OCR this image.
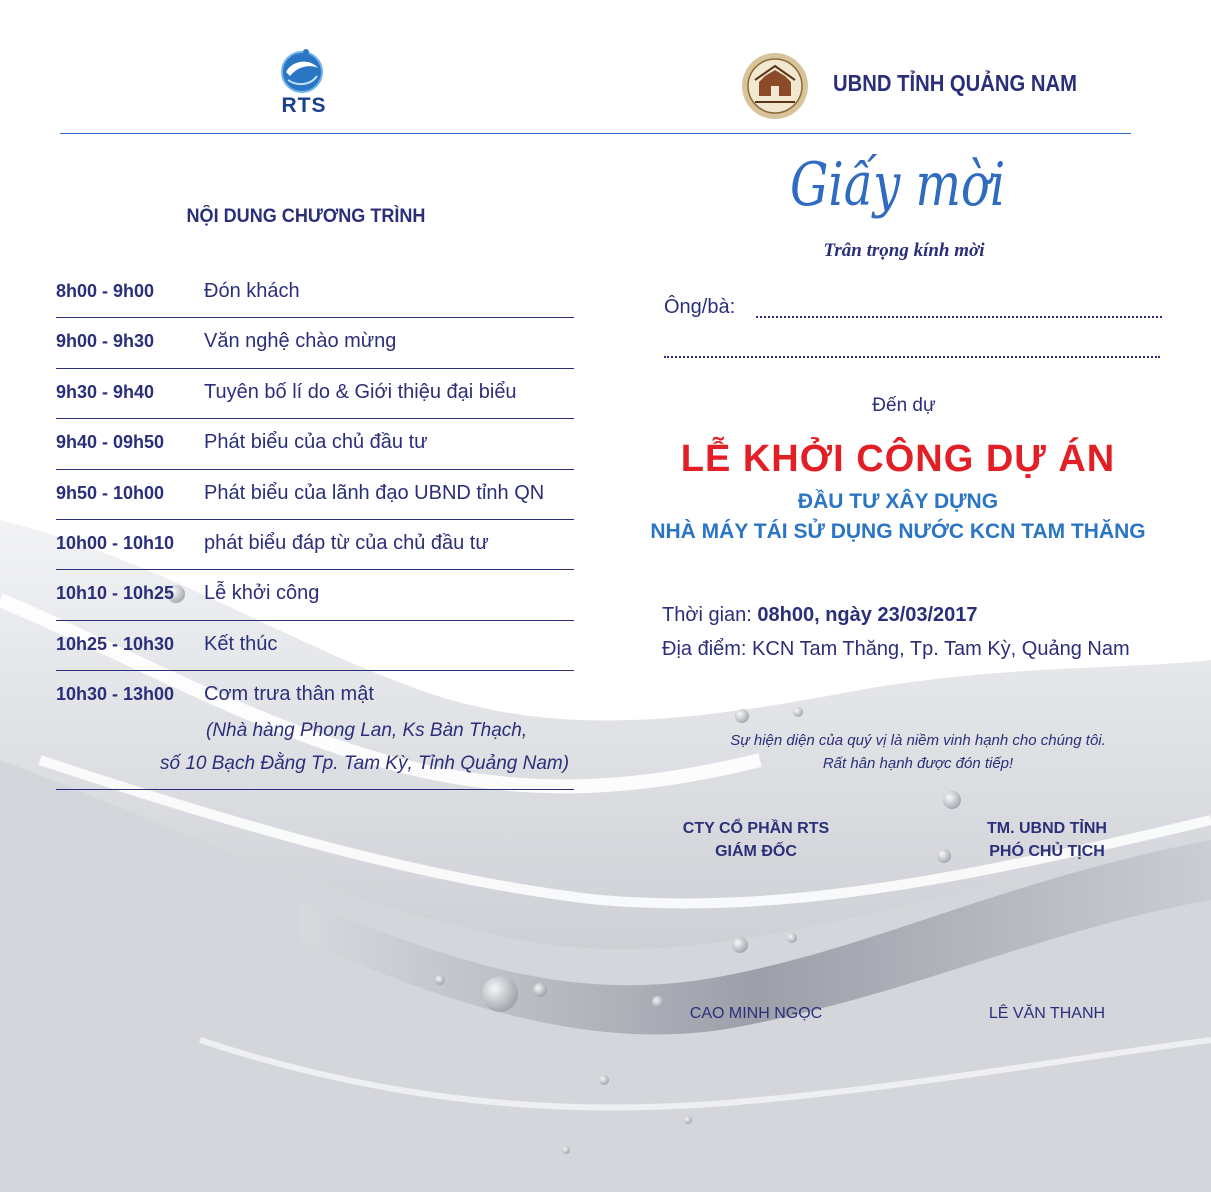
RTS
UBND TỈNH QUẢNG NAM
NỘI DUNG CHƯƠNG TRÌNH
8h00 - 9h00	Đón khách
9h00 - 9h30	Văn nghệ chào mừng
9h30 - 9h40	Tuyên bố lí do & Giới thiệu đại biểu
9h40 - 09h50	Phát biểu của chủ đầu tư
9h50 - 10h00	Phát biểu của lãnh đạo UBND tỉnh QN
10h00 - 10h10	phát biểu đáp từ của chủ đầu tư
10h10 - 10h25	Lễ khởi công
10h25 - 10h30	Kết thúc
10h30 - 13h00	Cơm trưa thân mật
(Nhà hàng Phong Lan, Ks Bàn Thạch,
số 10 Bạch Đằng Tp. Tam Kỳ, Tỉnh Quảng Nam)
Giấy mời
Trân trọng kính mời
Ông/bà:
Đến dự
LỄ KHỞI CÔNG DỰ ÁN
ĐẦU TƯ XÂY DỰNG
NHÀ MÁY TÁI SỬ DỤNG NƯỚC KCN TAM THĂNG
Thời gian: 08h00, ngày 23/03/2017
Địa điểm: KCN Tam Thăng, Tp. Tam Kỳ, Quảng Nam
Sự hiện diện của quý vị là niềm vinh hạnh cho chúng tôi.
Rất hân hạnh được đón tiếp!
CTY CỔ PHẦN RTS
GIÁM ĐỐC
TM. UBND TỈNH
PHÓ CHỦ TỊCH
CAO MINH NGỌC	LÊ VĂN THANH
